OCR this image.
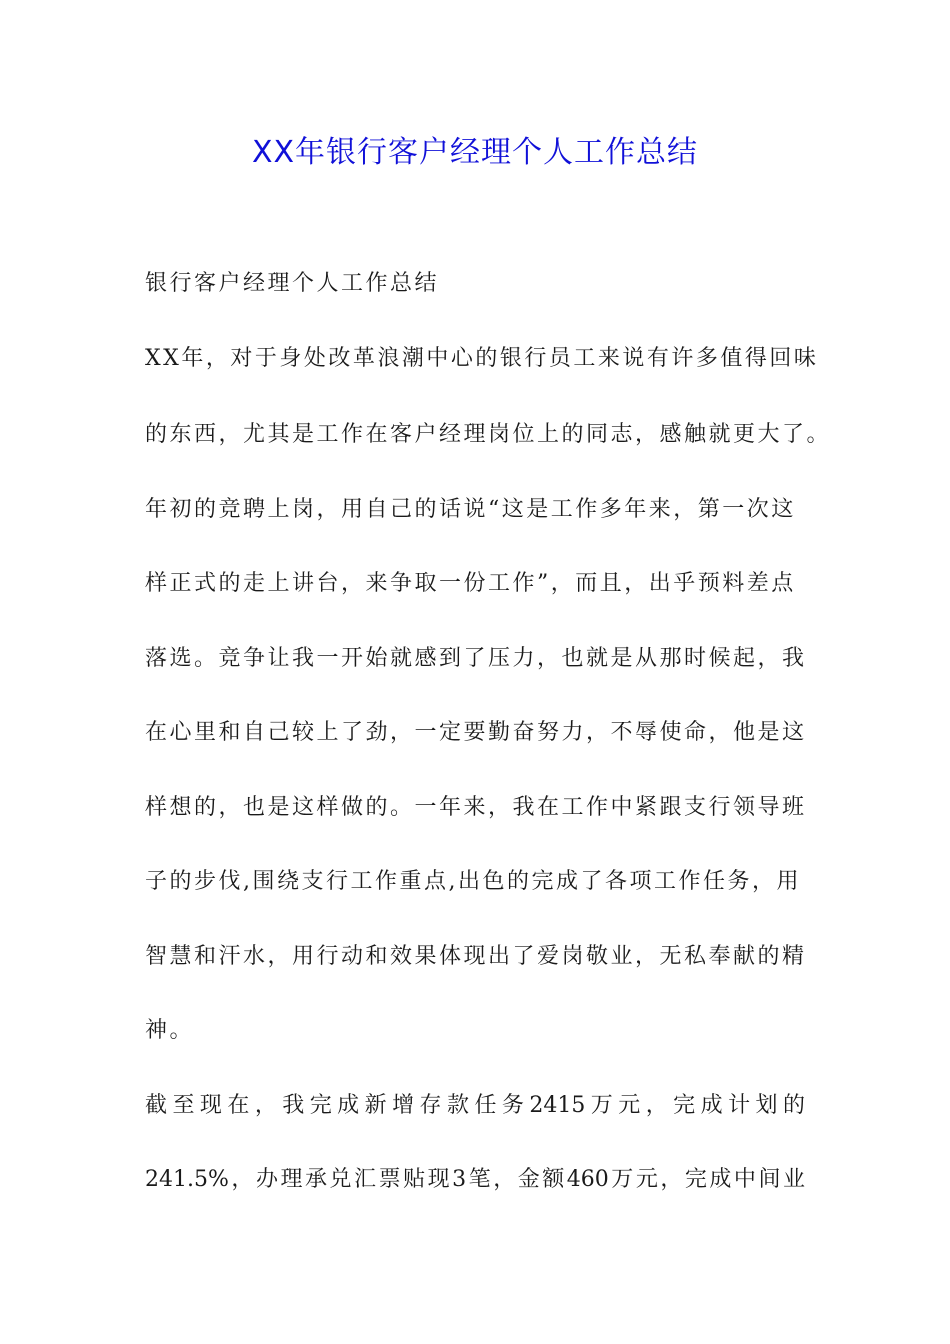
XX年银行客户经理个人工作总结
银行客户经理个人工作总结
XX年，对于身处改革浪潮中心的银行员工来说有许多值得回味
的东西，尤其是工作在客户经理岗位上的同志，感触就更大了。
年初的竞聘上岗，用自己的话说“这是工作多年来，第一次这
样正式的走上讲台，来争取一份工作”，而且，出乎预料差点
落选。竞争让我一开始就感到了压力，也就是从那时候起，我
在心里和自己较上了劲，一定要勤奋努力，不辱使命，他是这
样想的，也是这样做的。一年来，我在工作中紧跟支行领导班
子的步伐,围绕支行工作重点,出色的完成了各项工作任务，用
智慧和汗水，用行动和效果体现出了爱岗敬业，无私奉献的精
神。
截至现在，我完成新增存款任务2415万元，完成计划的
241.5%，办理承兑汇票贴现3笔，金额460万元，完成中间业
